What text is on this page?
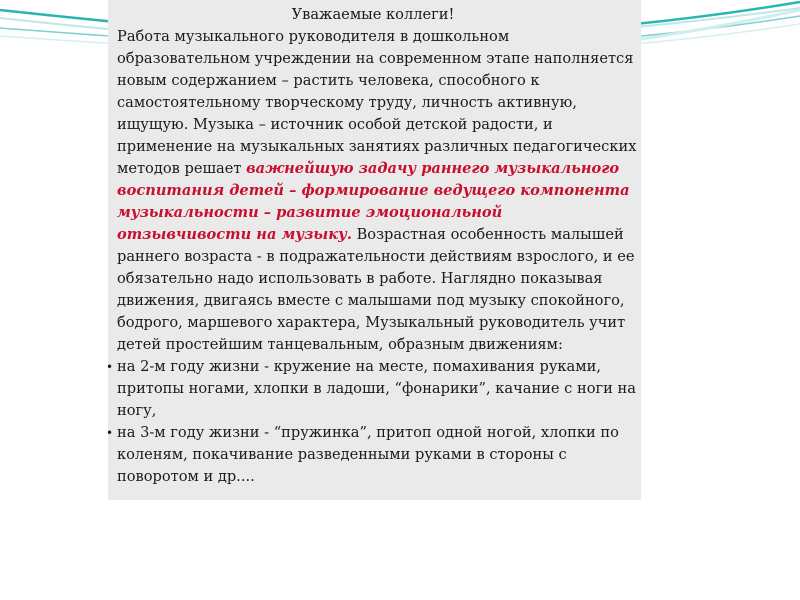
Уважаемые коллеги!

Работа музыкального руководителя в дошкольном образовательном учреждении на современном этапе наполняется новым содержанием – растить человека, способного к самостоятельному творческому труду, личность активную, ищущую. Музыка – источник особой детской радости, и применение на музыкальных занятиях различных педагогических методов решает важнейшую задачу раннего музыкального воспитания детей – формирование ведущего компонента музыкальности – развитие эмоциональной отзывчивости на музыку. Возрастная особенность малышей раннего возраста - в подражательности действиям взрослого, и ее обязательно надо использовать в работе. Наглядно показывая движения, двигаясь вместе с малышами под музыку спокойного, бодрого, маршевого характера, Музыкальный руководитель учит детей простейшим танцевальным, образным движениям:

• на 2-м году жизни - кружение на месте, помахивания руками, притопы ногами, хлопки в ладоши, “фонарики”, качание с ноги на ногу,
• на 3-м году жизни - “пружинка”, притоп одной ногой, хлопки по коленям, покачивание разведенными руками в стороны с поворотом и др....
